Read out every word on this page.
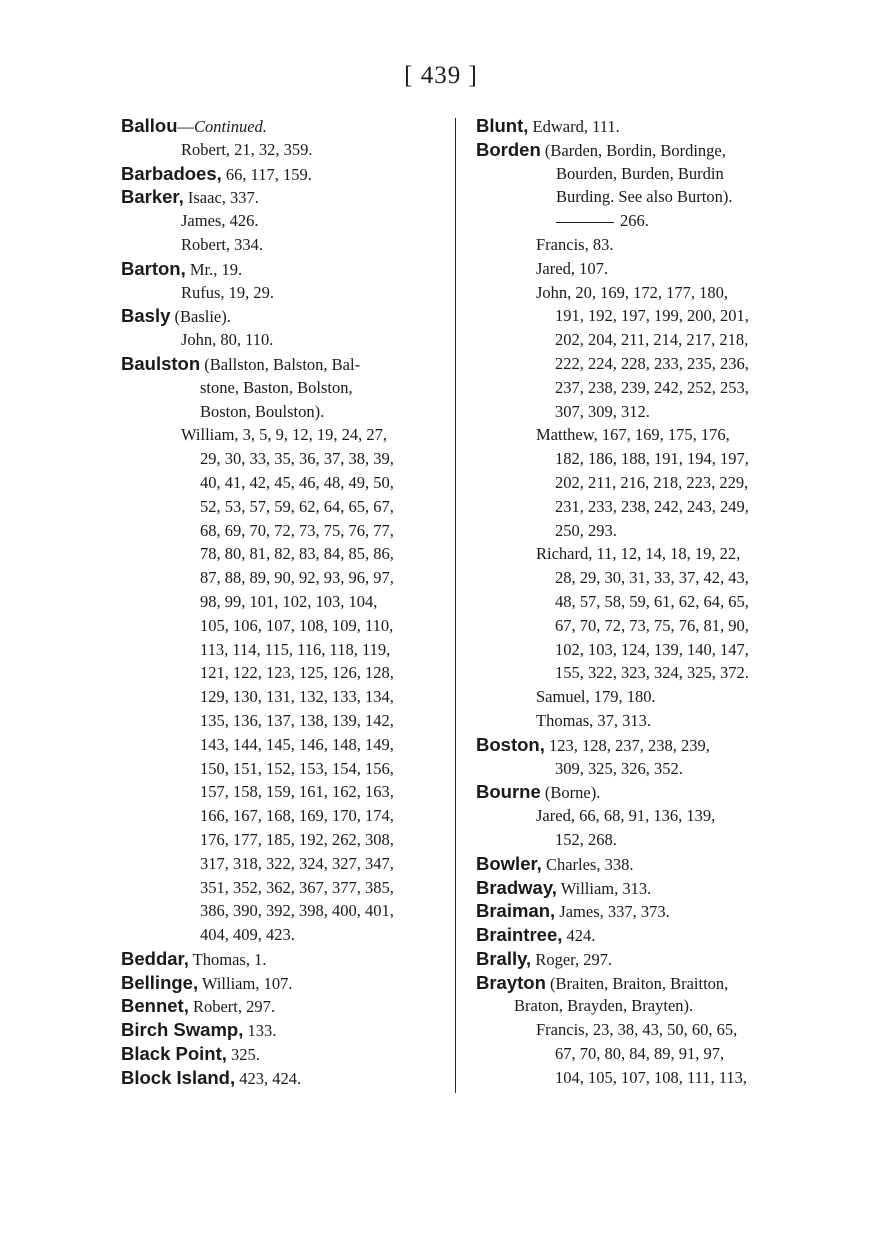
[ 439 ]
Ballou—Continued.
Robert, 21, 32, 359.
Barbadoes, 66, 117, 159.
Barker, Isaac, 337.
James, 426.
Robert, 334.
Barton, Mr., 19.
Rufus, 19, 29.
Basly (Baslie).
John, 80, 110.
Baulston (Ballston, Balston, Bal-
stone, Baston, Bolston,
Boston, Boulston).
William, 3, 5, 9, 12, 19, 24, 27,
29, 30, 33, 35, 36, 37, 38, 39,
40, 41, 42, 45, 46, 48, 49, 50,
52, 53, 57, 59, 62, 64, 65, 67,
68, 69, 70, 72, 73, 75, 76, 77,
78, 80, 81, 82, 83, 84, 85, 86,
87, 88, 89, 90, 92, 93, 96, 97,
98, 99, 101, 102, 103, 104,
105, 106, 107, 108, 109, 110,
113, 114, 115, 116, 118, 119,
121, 122, 123, 125, 126, 128,
129, 130, 131, 132, 133, 134,
135, 136, 137, 138, 139, 142,
143, 144, 145, 146, 148, 149,
150, 151, 152, 153, 154, 156,
157, 158, 159, 161, 162, 163,
166, 167, 168, 169, 170, 174,
176, 177, 185, 192, 262, 308,
317, 318, 322, 324, 327, 347,
351, 352, 362, 367, 377, 385,
386, 390, 392, 398, 400, 401,
404, 409, 423.
Beddar, Thomas, 1.
Bellinge, William, 107.
Bennet, Robert, 297.
Birch Swamp, 133.
Black Point, 325.
Block Island, 423, 424.
Blunt, Edward, 111.
Borden (Barden, Bordin, Bordinge,
Bourden, Burden, Burdin
Burding. See also Burton).
266.
Francis, 83.
Jared, 107.
John, 20, 169, 172, 177, 180,
191, 192, 197, 199, 200, 201,
202, 204, 211, 214, 217, 218,
222, 224, 228, 233, 235, 236,
237, 238, 239, 242, 252, 253,
307, 309, 312.
Matthew, 167, 169, 175, 176,
182, 186, 188, 191, 194, 197,
202, 211, 216, 218, 223, 229,
231, 233, 238, 242, 243, 249,
250, 293.
Richard, 11, 12, 14, 18, 19, 22,
28, 29, 30, 31, 33, 37, 42, 43,
48, 57, 58, 59, 61, 62, 64, 65,
67, 70, 72, 73, 75, 76, 81, 90,
102, 103, 124, 139, 140, 147,
155, 322, 323, 324, 325, 372.
Samuel, 179, 180.
Thomas, 37, 313.
Boston, 123, 128, 237, 238, 239,
309, 325, 326, 352.
Bourne (Borne).
Jared, 66, 68, 91, 136, 139,
152, 268.
Bowler, Charles, 338.
Bradway, William, 313.
Braiman, James, 337, 373.
Braintree, 424.
Brally, Roger, 297.
Brayton (Braiten, Braiton, Braitton,
Braton, Brayden, Brayten).
Francis, 23, 38, 43, 50, 60, 65,
67, 70, 80, 84, 89, 91, 97,
104, 105, 107, 108, 111, 113,
